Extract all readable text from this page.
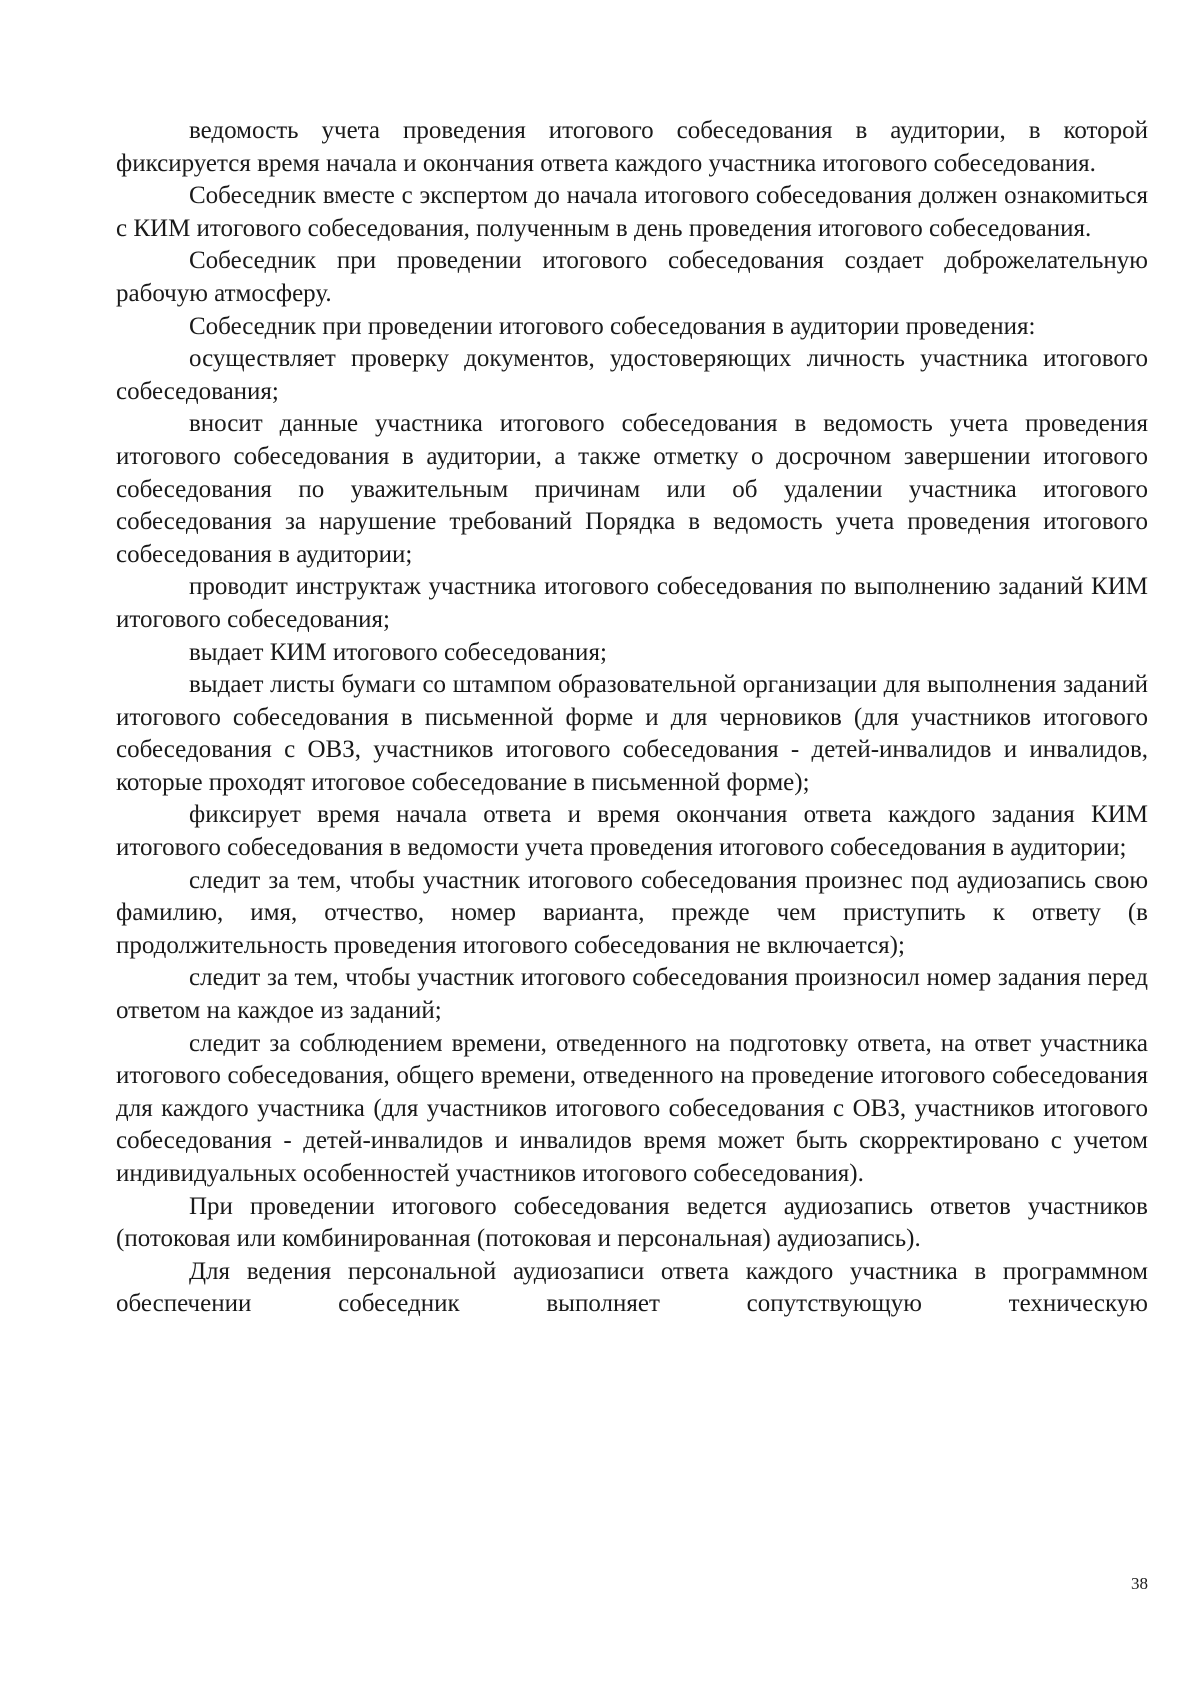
ведомость учета проведения итогового собеседования в аудитории, в которой фиксируется время начала и окончания ответа каждого участника итогового собеседования.

Собеседник вместе с экспертом до начала итогового собеседования должен ознакомиться с КИМ итогового собеседования, полученным в день проведения итогового собеседования.

Собеседник при проведении итогового собеседования создает доброжелательную рабочую атмосферу.

Собеседник при проведении итогового собеседования в аудитории проведения:

осуществляет проверку документов, удостоверяющих личность участника итогового собеседования;

вносит данные участника итогового собеседования в ведомость учета проведения итогового собеседования в аудитории, а также отметку о досрочном завершении итогового собеседования по уважительным причинам или об удалении участника итогового собеседования за нарушение требований Порядка в ведомость учета проведения итогового собеседования в аудитории;

проводит инструктаж участника итогового собеседования по выполнению заданий КИМ итогового собеседования;

выдает КИМ итогового собеседования;

выдает листы бумаги со штампом образовательной организации для выполнения заданий итогового собеседования в письменной форме и для черновиков (для участников итогового собеседования с ОВЗ, участников итогового собеседования - детей-инвалидов и инвалидов, которые проходят итоговое собеседование в письменной форме);

фиксирует время начала ответа и время окончания ответа каждого задания КИМ итогового собеседования в ведомости учета проведения итогового собеседования в аудитории;

следит за тем, чтобы участник итогового собеседования произнес под аудиозапись свою фамилию, имя, отчество, номер варианта, прежде чем приступить к ответу (в продолжительность проведения итогового собеседования не включается);

следит за тем, чтобы участник итогового собеседования произносил номер задания перед ответом на каждое из заданий;

следит за соблюдением времени, отведенного на подготовку ответа, на ответ участника итогового собеседования, общего времени, отведенного на проведение итогового собеседования для каждого участника (для участников итогового собеседования с ОВЗ, участников итогового собеседования - детей-инвалидов и инвалидов время может быть скорректировано с учетом индивидуальных особенностей участников итогового собеседования).

При проведении итогового собеседования ведется аудиозапись ответов участников (потоковая или комбинированная (потоковая и персональная) аудиозапись).

Для ведения персональной аудиозаписи ответа каждого участника в программном обеспечении собеседник выполняет сопутствующую техническую

38
